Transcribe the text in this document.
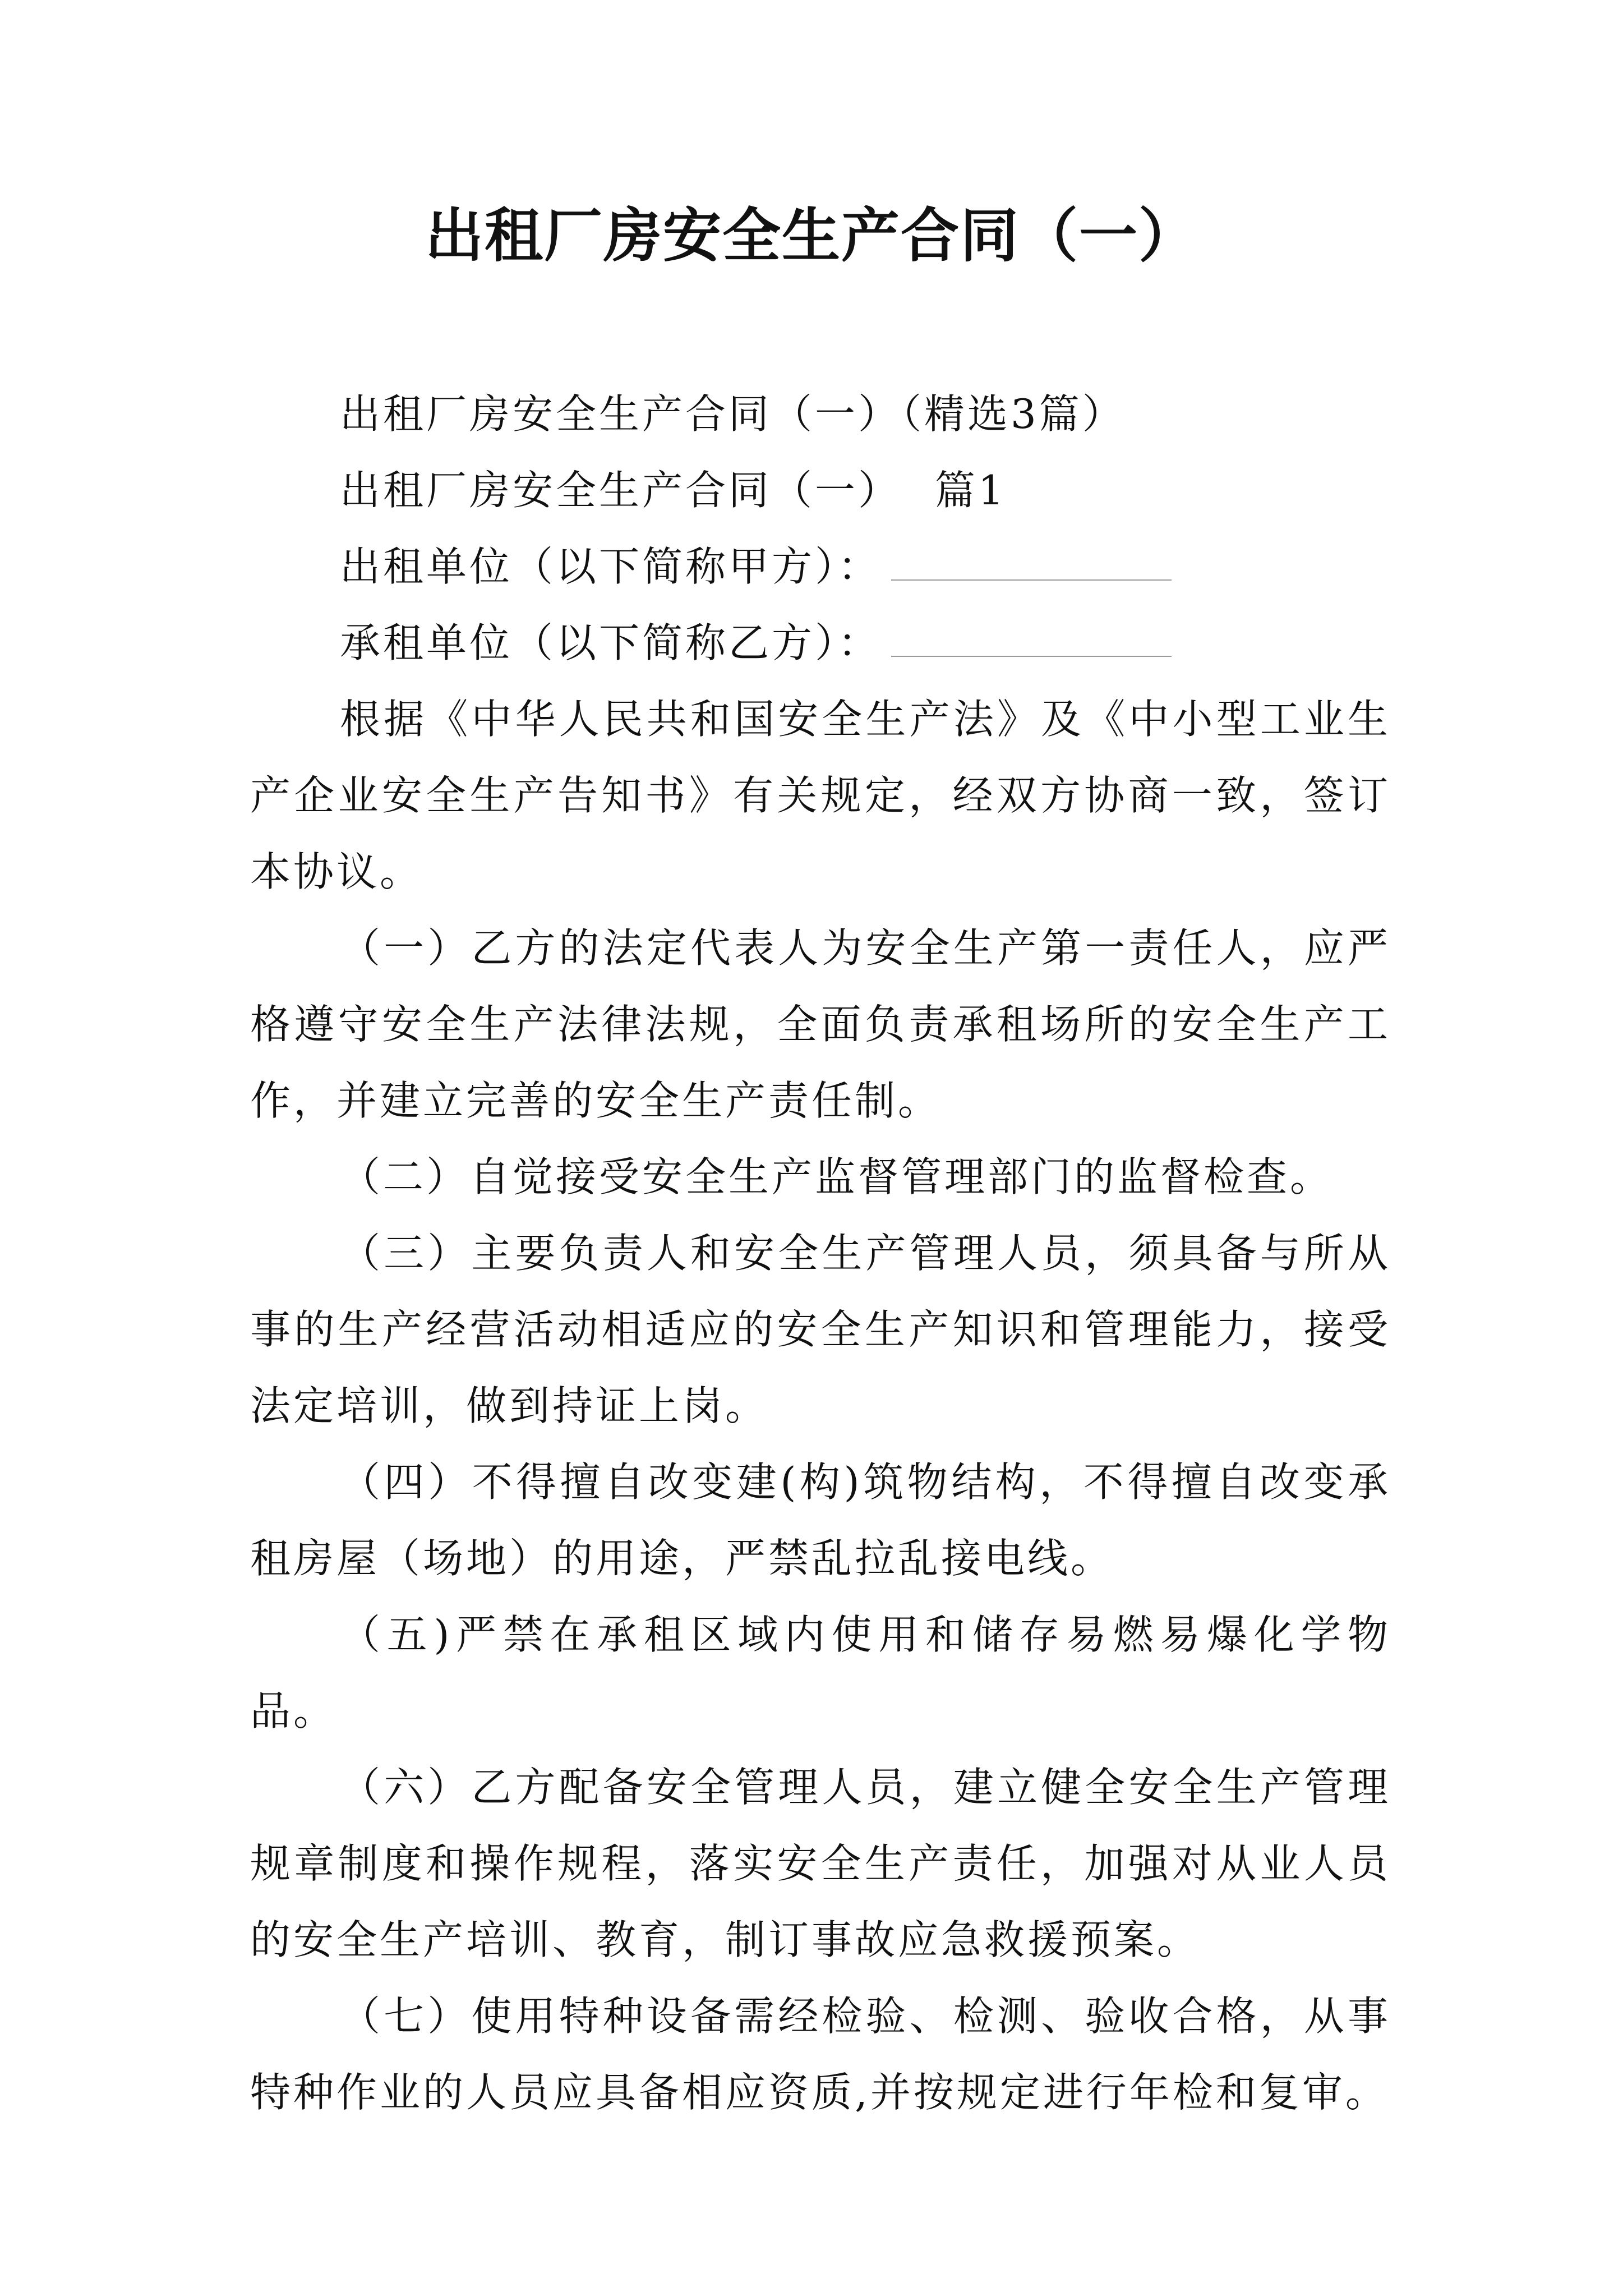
出租厂房安全生产合同（一）

出租厂房安全生产合同（一）（精选3篇）

出租厂房安全生产合同（一） 篇1

出租单位（以下简称甲方）：

承租单位（以下简称乙方）：

根据《中华人民共和国安全生产法》及《中小型工业生产企业安全生产告知书》有关规定，经双方协商一致，签订本协议。

（一）乙方的法定代表人为安全生产第一责任人，应严格遵守安全生产法律法规，全面负责承租场所的安全生产工作，并建立完善的安全生产责任制。

（二）自觉接受安全生产监督管理部门的监督检查。

（三）主要负责人和安全生产管理人员，须具备与所从事的生产经营活动相适应的安全生产知识和管理能力，接受法定培训，做到持证上岗。

（四）不得擅自改变建(构)筑物结构，不得擅自改变承租房屋（场地）的用途，严禁乱拉乱接电线。

（五)严禁在承租区域内使用和储存易燃易爆化学物品。

（六）乙方配备安全管理人员，建立健全安全生产管理规章制度和操作规程，落实安全生产责任，加强对从业人员的安全生产培训、教育，制订事故应急救援预案。

（七）使用特种设备需经检验、检测、验收合格，从事特种作业的人员应具备相应资质,并按规定进行年检和复审。
